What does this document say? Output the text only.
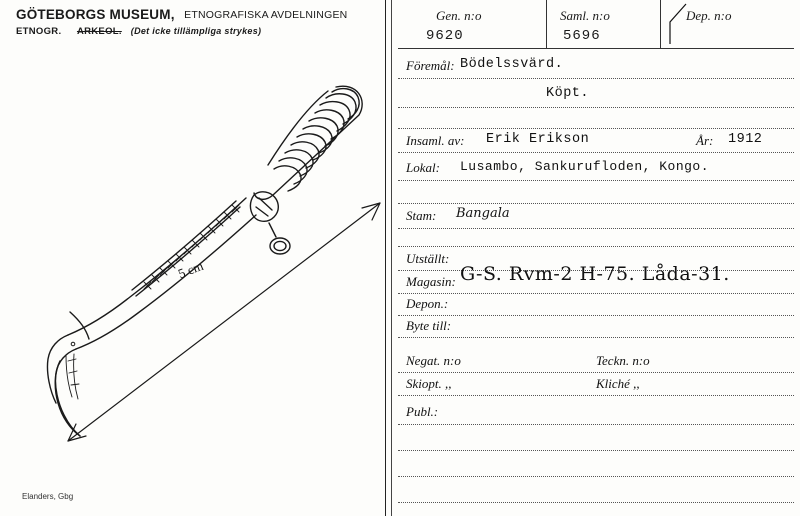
GÖTEBORGS MUSEUM, ETNOGRAFISKA AVDELNINGEN
ETNOGR. ARKEOL. (Det icke tillämpliga strykes)
5 cm
Elanders, Gbg
Gen. n:o
9620
Saml. n:o
5696
Dep. n:o
Föremål: Bödelssvärd.
Köpt.
Insaml. av: Erik Erikson	År: 1912
Lokal: Lusambo, Sankurufloden, Kongo.
Stam: Bangala
Utställt:
Magasin: G-S. Rvm-2 H-75. Låda-31.
Depon.:
Byte till:
Negat. n:o	Teckn. n:o
Skiopt. ,,	Kliché ,,
Publ.:
